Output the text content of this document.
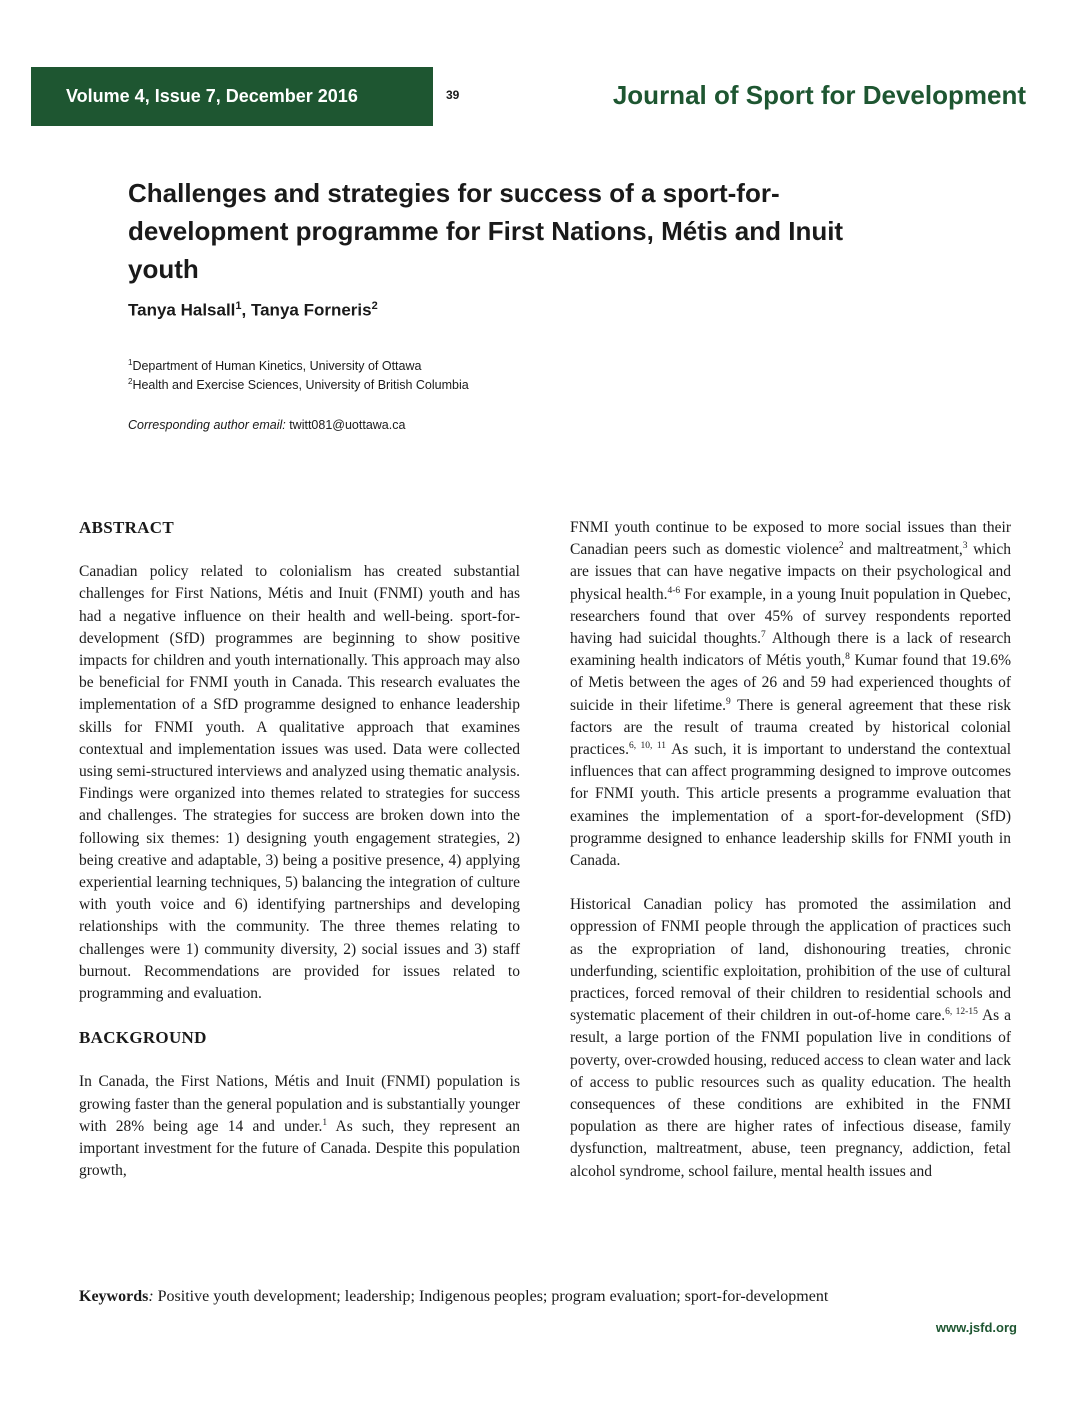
Volume 4, Issue 7, December 2016	39	Journal of Sport for Development
Challenges and strategies for success of a sport-for-development programme for First Nations, Métis and Inuit youth
Tanya Halsall$^1$, Tanya Forneris$^2$
$^1$Department of Human Kinetics, University of Ottawa
$^2$Health and Exercise Sciences, University of British Columbia
Corresponding author email: twitt081@uottawa.ca
ABSTRACT

Canadian policy related to colonialism has created substantial challenges for First Nations, Métis and Inuit (FNMI) youth and has had a negative influence on their health and well-being. sport-for-development (SfD) programmes are beginning to show positive impacts for children and youth internationally. This approach may also be beneficial for FNMI youth in Canada. This research evaluates the implementation of a SfD programme designed to enhance leadership skills for FNMI youth. A qualitative approach that examines contextual and implementation issues was used. Data were collected using semi-structured interviews and analyzed using thematic analysis. Findings were organized into themes related to strategies for success and challenges. The strategies for success are broken down into the following six themes: 1) designing youth engagement strategies, 2) being creative and adaptable, 3) being a positive presence, 4) applying experiential learning techniques, 5) balancing the integration of culture with youth voice and 6) identifying partnerships and developing relationships with the community. The three themes relating to challenges were 1) community diversity, 2) social issues and 3) staff burnout. Recommendations are provided for issues related to programming and evaluation.

BACKGROUND

In Canada, the First Nations, Métis and Inuit (FNMI) population is growing faster than the general population and is substantially younger with 28% being age 14 and under.$^1$ As such, they represent an important investment for the future of Canada. Despite this population growth,

FNMI youth continue to be exposed to more social issues than their Canadian peers such as domestic violence$^2$ and maltreatment,$^3$ which are issues that can have negative impacts on their psychological and physical health.$^{4-6}$ For example, in a young Inuit population in Quebec, researchers found that over 45% of survey respondents reported having had suicidal thoughts.$^7$ Although there is a lack of research examining health indicators of Métis youth,$^8$ Kumar found that 19.6% of Metis between the ages of 26 and 59 had experienced thoughts of suicide in their lifetime.$^9$ There is general agreement that these risk factors are the result of trauma created by historical colonial practices.$^{6, 10, 11}$ As such, it is important to understand the contextual influences that can affect programming designed to improve outcomes for FNMI youth. This article presents a programme evaluation that examines the implementation of a sport-for-development (SfD) programme designed to enhance leadership skills for FNMI youth in Canada.

Historical Canadian policy has promoted the assimilation and oppression of FNMI people through the application of practices such as the expropriation of land, dishonouring treaties, chronic underfunding, scientific exploitation, prohibition of the use of cultural practices, forced removal of their children to residential schools and systematic placement of their children in out-of-home care.$^{6, 12-15}$ As a result, a large portion of the FNMI population live in conditions of poverty, over-crowded housing, reduced access to clean water and lack of access to public resources such as quality education. The health consequences of these conditions are exhibited in the FNMI population as there are higher rates of infectious disease, family dysfunction, maltreatment, abuse, teen pregnancy, addiction, fetal alcohol syndrome, school failure, mental health issues and

Keywords: Positive youth development; leadership; Indigenous peoples; program evaluation; sport-for-development
www.jsfd.org
